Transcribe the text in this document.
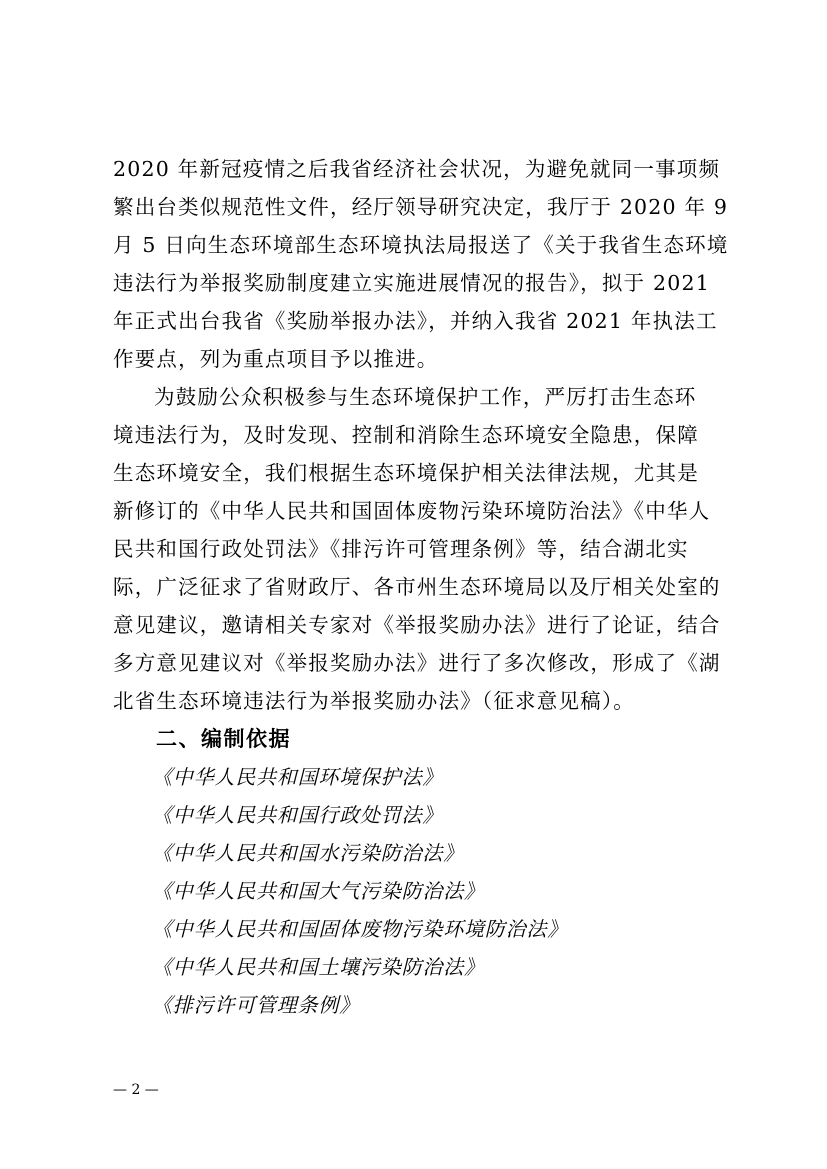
2020 年新冠疫情之后我省经济社会状况，为避免就同一事项频
繁出台类似规范性文件，经厅领导研究决定，我厅于 2020 年 9
月 5 日向生态环境部生态环境执法局报送了《关于我省生态环境
违法行为举报奖励制度建立实施进展情况的报告》，拟于 2021
年正式出台我省《奖励举报办法》，并纳入我省 2021 年执法工
作要点，列为重点项目予以推进。
为鼓励公众积极参与生态环境保护工作，严厉打击生态环
境违法行为，及时发现、控制和消除生态环境安全隐患，保障
生态环境安全，我们根据生态环境保护相关法律法规，尤其是
新修订的《中华人民共和国固体废物污染环境防治法》《中华人
民共和国行政处罚法》《排污许可管理条例》等，结合湖北实
际，广泛征求了省财政厅、各市州生态环境局以及厅相关处室的
意见建议，邀请相关专家对《举报奖励办法》进行了论证，结合
多方意见建议对《举报奖励办法》进行了多次修改，形成了《湖
北省生态环境违法行为举报奖励办法》（征求意见稿）。
二、编制依据
《中华人民共和国环境保护法》
《中华人民共和国行政处罚法》
《中华人民共和国水污染防治法》
《中华人民共和国大气污染防治法》
《中华人民共和国固体废物污染环境防治法》
《中华人民共和国土壤污染防治法》
《排污许可管理条例》
— 2 —
